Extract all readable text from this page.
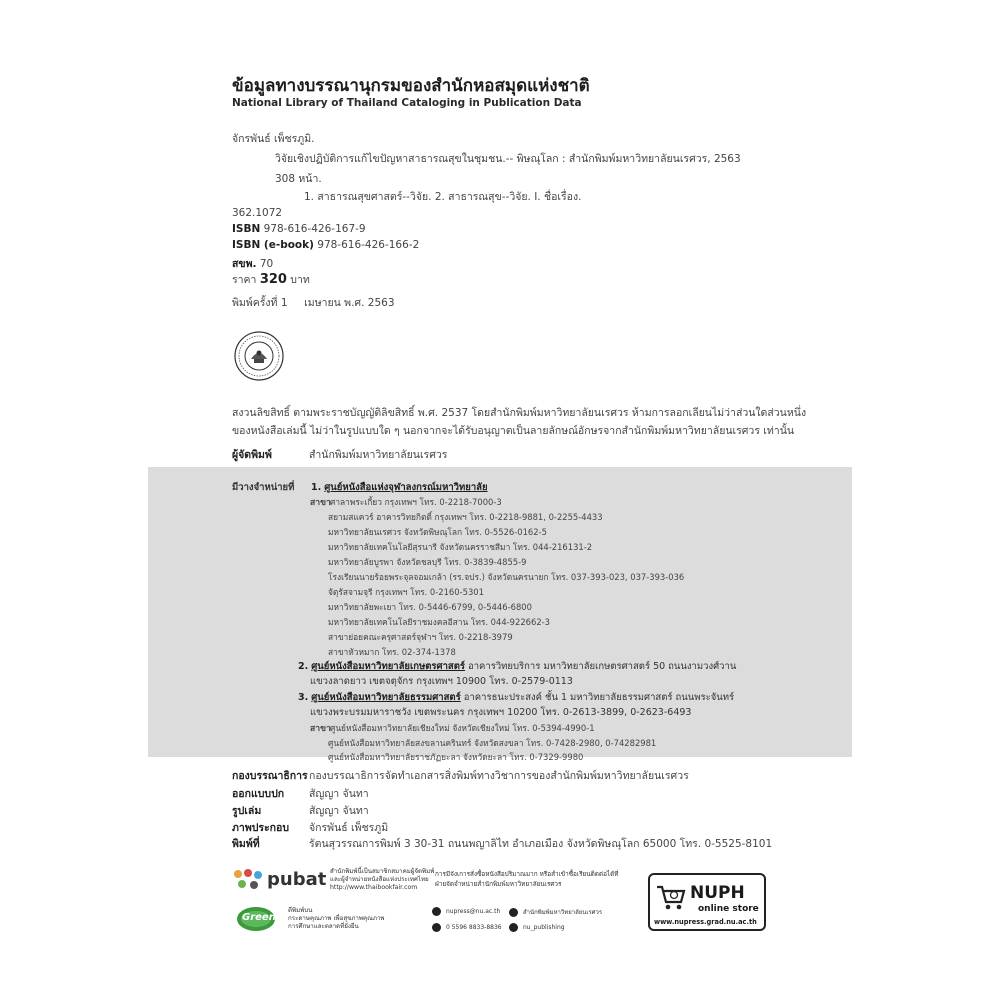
ข้อมูลทางบรรณานุกรมของสำนักหอสมุดแห่งชาติ
National Library of Thailand Cataloging in Publication Data
จักรพันธ์ เพ็ชรภูมิ.
วิจัยเชิงปฏิบัติการแก้ไขปัญหาสาธารณสุขในชุมชน.-- พิษณุโลก : สำนักพิมพ์มหาวิทยาลัยนเรศวร, 2563
308 หน้า.
1. สาธารณสุขศาสตร์--วิจัย. 2. สาธารณสุข--วิจัย. I. ชื่อเรื่อง.
362.1072
ISBN 978-616-426-167-9
ISBN (e-book) 978-616-426-166-2
สขพ. 70
ราคา 320 บาท
พิมพ์ครั้งที่ 1     เมษายน พ.ศ. 2563
สงวนลิขสิทธิ์ ตามพระราชบัญญัติลิขสิทธิ์ พ.ศ. 2537 โดยสำนักพิมพ์มหาวิทยาลัยนเรศวร ห้ามการลอกเลียนไม่ว่าส่วนใดส่วนหนึ่ง
ของหนังสือเล่มนี้ ไม่ว่าในรูปแบบใด ๆ นอกจากจะได้รับอนุญาตเป็นลายลักษณ์อักษรจากสำนักพิมพ์มหาวิทยาลัยนเรศวร เท่านั้น
ผู้จัดพิมพ์	สำนักพิมพ์มหาวิทยาลัยนเรศวร
มีวางจำหน่ายที่ 1. ศูนย์หนังสือแห่งจุฬาลงกรณ์มหาวิทยาลัย
สาขา ศาลาพระเกี้ยว กรุงเทพฯ โทร. 0-2218-7000-3
สยามสแควร์ อาคารวิทยกิตติ์ กรุงเทพฯ โทร. 0-2218-9881, 0-2255-4433
มหาวิทยาลัยนเรศวร จังหวัดพิษณุโลก โทร. 0-5526-0162-5
มหาวิทยาลัยเทคโนโลยีสุรนารี จังหวัดนครราชสีมา โทร. 044-216131-2
มหาวิทยาลัยบูรพา จังหวัดชลบุรี โทร. 0-3839-4855-9
โรงเรียนนายร้อยพระจุลจอมเกล้า (รร.จปร.) จังหวัดนครนายก โทร. 037-393-023, 037-393-036
จัตุรัสจามจุรี กรุงเทพฯ โทร. 0-2160-5301
มหาวิทยาลัยพะเยา โทร. 0-5446-6799, 0-5446-6800
มหาวิทยาลัยเทคโนโลยีราชมงคลอีสาน โทร. 044-922662-3
สาขาย่อยคณะครุศาสตร์จุฬาฯ โทร. 0-2218-3979
สาขาหัวหมาก โทร. 02-374-1378
2. ศูนย์หนังสือมหาวิทยาลัยเกษตรศาสตร์ อาคารวิทยบริการ มหาวิทยาลัยเกษตรศาสตร์ 50 ถนนงามวงศ์วาน
แขวงลาดยาว เขตจตุจักร กรุงเทพฯ 10900 โทร. 0-2579-0113
3. ศูนย์หนังสือมหาวิทยาลัยธรรมศาสตร์ อาคารธนะประสงค์ ชั้น 1 มหาวิทยาลัยธรรมศาสตร์ ถนนพระจันทร์
แขวงพระบรมมหาราชวัง เขตพระนคร กรุงเทพฯ 10200 โทร. 0-2613-3899, 0-2623-6493
สาขา ศูนย์หนังสือมหาวิทยาลัยเชียงใหม่ จังหวัดเชียงใหม่ โทร. 0-5394-4990-1
ศูนย์หนังสือมหาวิทยาลัยสงขลานครินทร์ จังหวัดสงขลา โทร. 0-7428-2980, 0-74282981
ศูนย์หนังสือมหาวิทยาลัยราชภัฏยะลา จังหวัดยะลา โทร. 0-7329-9980
กองบรรณาธิการ กองบรรณาธิการจัดทำเอกสารสิ่งพิมพ์ทางวิชาการของสำนักพิมพ์มหาวิทยาลัยนเรศวร
ออกแบบปก สัญญา จันทา
รูปเล่ม	สัญญา จันทา
ภาพประกอบ จักรพันธ์ เพ็ชรภูมิ
พิมพ์ที่	รัตนสุวรรณการพิมพ์ 3 30-31 ถนนพญาลิไท อำเภอเมือง จังหวัดพิษณุโลก 65000 โทร. 0-5525-8101
pubat สำนักพิมพ์นี้เป็นสมาชิกสมาคมผู้จัดพิมพ์
และผู้จำหน่ายหนังสือแห่งประเทศไทย
http://www.thaibookfair.com
Green
ตีพิมพ์บน
กระดาษคุณภาพ เพื่อสุขภาพคุณภาพ
การศึกษาและตลาดที่ยั่งยืน
การมีจังเการสั่งซื้อหนังสือปริมาณมาก หรือสำเข้าซื้อเรียนติดต่อได้ที่
ฝ่ายจัดจำหน่ายสำนักพิมพ์มหาวิทยาลัยนเรศวร
nupress@nu.ac.th	สำนักพิมพ์มหาวิทยาลัยนเรศวร
0 5596 8833-8836	nu_publishing
NUPH
online store
www.nupress.grad.nu.ac.th
